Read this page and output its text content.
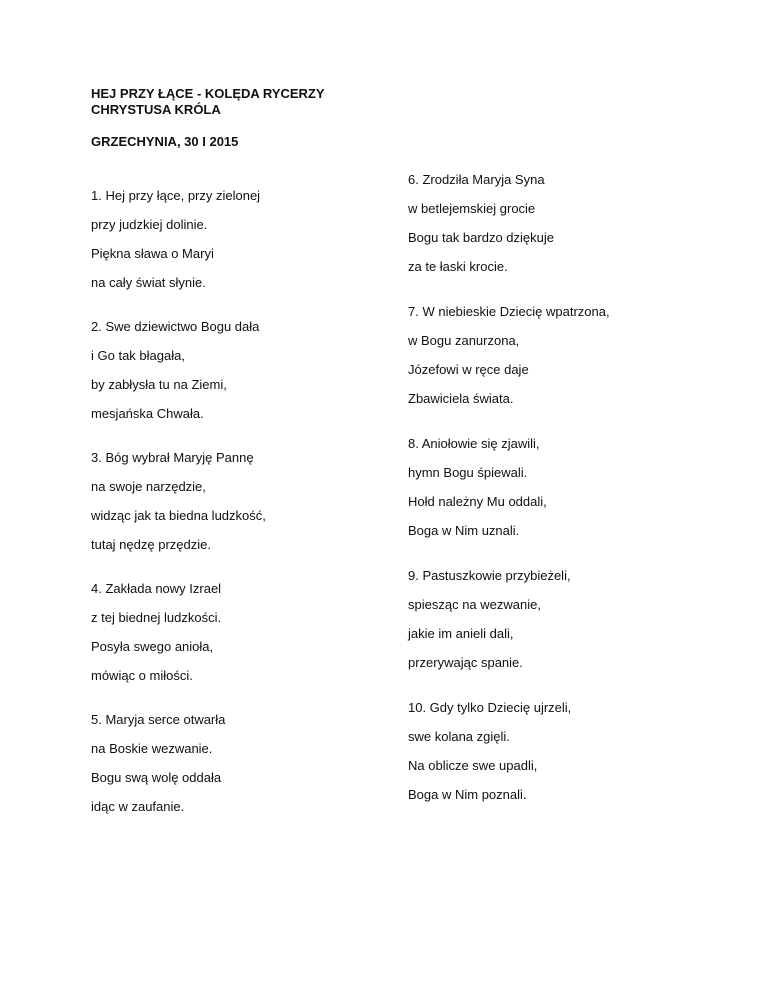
HEJ PRZY ŁĄCE - KOLĘDA RYCERZY CHRYSTUSA KRÓLA
GRZECHYNIA, 30 I 2015
1. Hej przy łące, przy zielonej
przy judzkiej dolinie.
Piękna sława o Maryi
na cały świat słynie.
2. Swe dziewictwo Bogu dała
i Go tak błagała,
by zabłysła tu na Ziemi,
mesjańska Chwała.
3. Bóg wybrał Maryję Pannę
na swoje narzędzie,
widząc jak ta biedna ludzkość,
tutaj nędzę przędzie.
4. Zakłada nowy Izrael
z tej biednej ludzkości.
Posyła swego anioła,
mówiąc o miłości.
5. Maryja serce otwarła
na Boskie wezwanie.
Bogu swą wolę oddała
idąc w zaufanie.
6. Zrodziła Maryja Syna
w betlejemskiej grocie
Bogu tak bardzo dziękuje
za te łaski krocie.
7. W niebieskie Dziecię wpatrzona,
w Bogu zanurzona,
Józefowi w ręce daje
Zbawiciela świata.
8. Aniołowie się zjawili,
hymn Bogu śpiewali.
Hołd należny Mu oddali,
Boga w Nim uznali.
9. Pastuszkowie przybieżeli,
spiesząc na wezwanie,
jakie im anieli dali,
przerywając spanie.
10. Gdy tylko Dziecię ujrzeli,
swe kolana zgięli.
Na oblicze swe upadli,
Boga w Nim poznali.
